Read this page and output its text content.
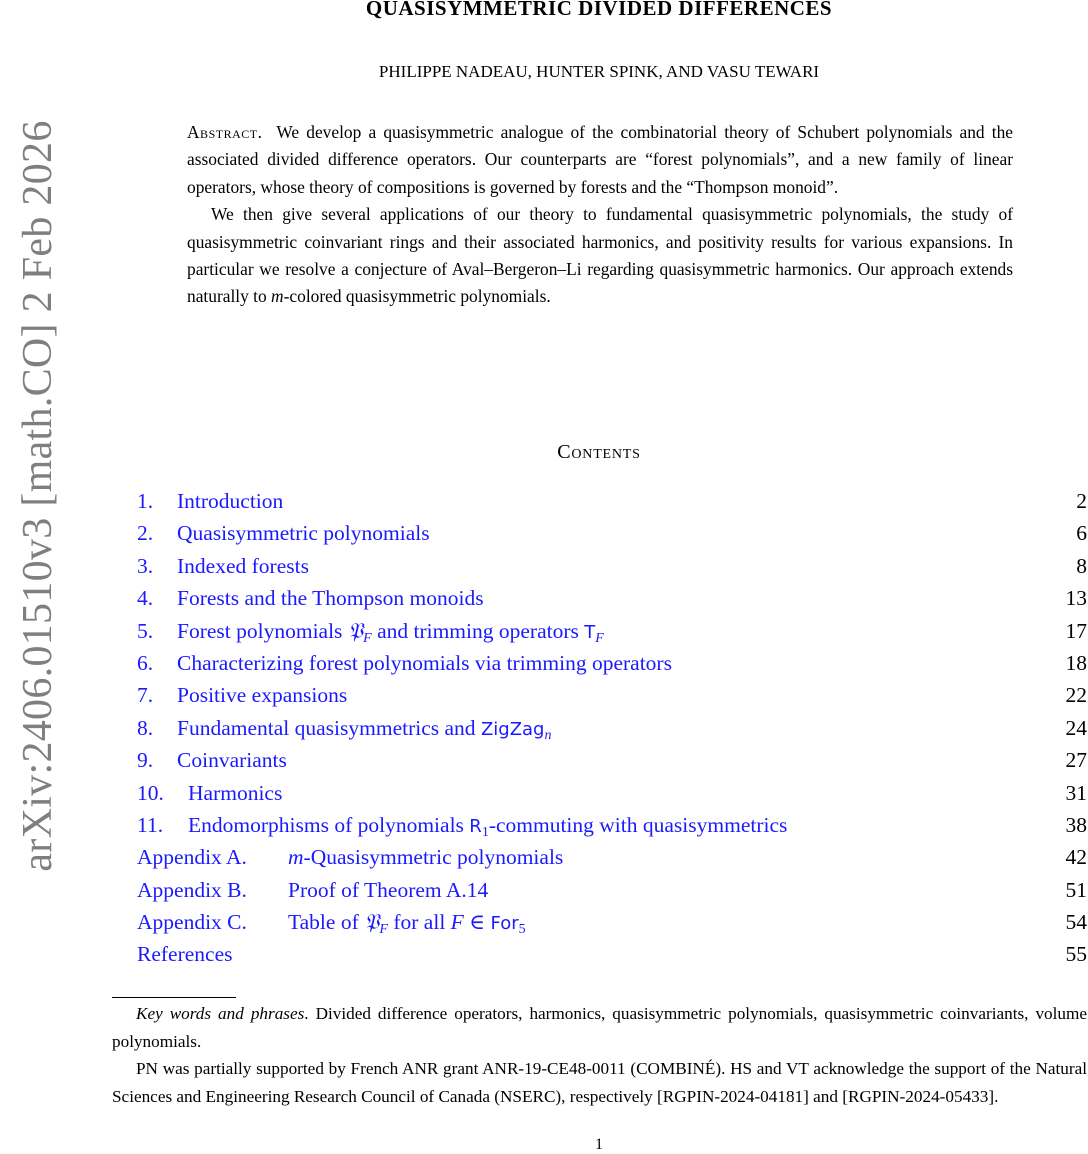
arXiv:2406.01510v3 [math.CO] 2 Feb 2026
QUASISYMMETRIC DIVIDED DIFFERENCES
PHILIPPE NADEAU, HUNTER SPINK, AND VASU TEWARI

Abstract. We develop a quasisymmetric analogue of the combinatorial theory of Schubert polynomials and the associated divided difference operators. Our counterparts are “forest polynomials”, and a new family of linear operators, whose theory of compositions is governed by forests and the “Thompson monoid”.

We then give several applications of our theory to fundamental quasisymmetric polynomials, the study of quasisymmetric coinvariant rings and their associated harmonics, and positivity results for various expansions. In particular we resolve a conjecture of Aval–Bergeron–Li regarding quasisymmetric harmonics. Our approach extends naturally to m-colored quasisymmetric polynomials.

Contents
1. Introduction	2
2. Quasisymmetric polynomials	6
3. Indexed forests	8
4. Forests and the Thompson monoids	13
5. Forest polynomials 𝔓$_F$ and trimming operators $T_F$	17
6. Characterizing forest polynomials via trimming operators	18
7. Positive expansions	22
8. Fundamental quasisymmetrics and ZigZag$_n$	24
9. Coinvariants	27
10. Harmonics	31
11. Endomorphisms of polynomials $R_1$-commuting with quasisymmetrics	38
Appendix A. m-Quasisymmetric polynomials	42
Appendix B. Proof of Theorem A.14	51
Appendix C. Table of 𝔓$_F$ for all F ∈ For$_5$	54
References	55

Key words and phrases. Divided difference operators, harmonics, quasisymmetric polynomials, quasisymmetric coinvariants, volume polynomials.

PN was partially supported by French ANR grant ANR-19-CE48-0011 (COMBINÉ). HS and VT acknowledge the support of the Natural Sciences and Engineering Research Council of Canada (NSERC), respectively [RGPIN-2024-04181] and [RGPIN-2024-05433].

1
